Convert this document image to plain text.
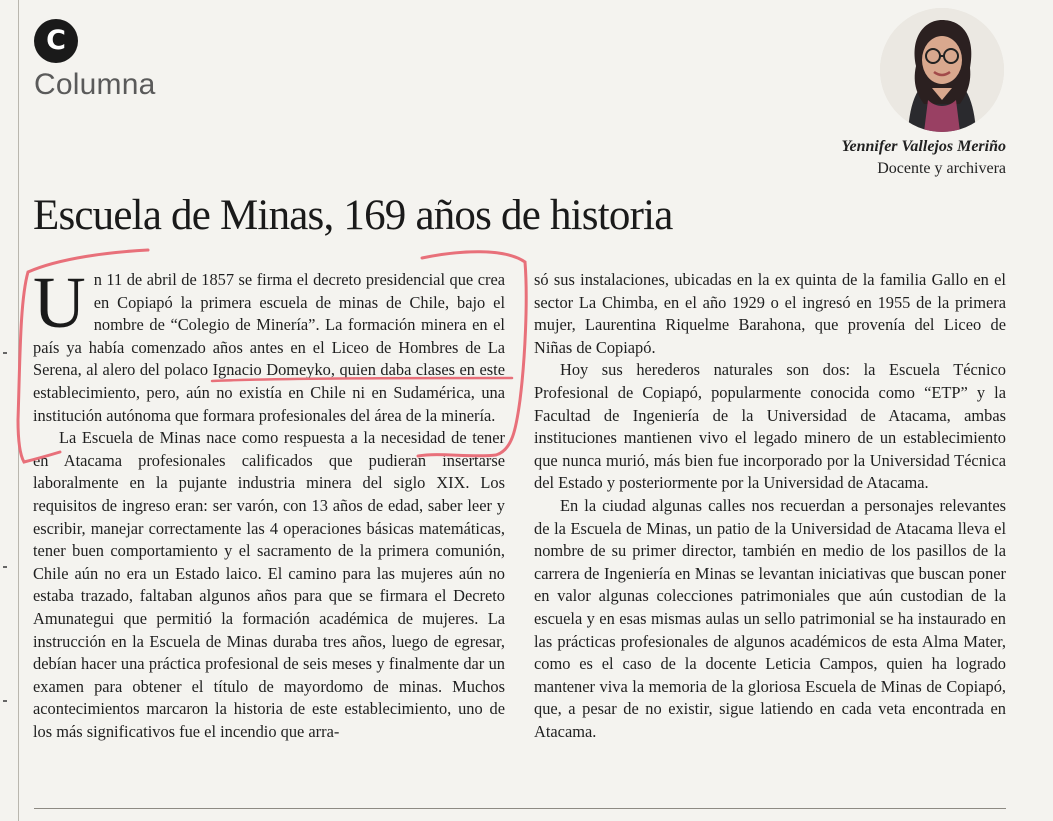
C
Columna
Yennifer Vallejos Meriño
Docente y archivera
Escuela de Minas, 169 años de historia

Un 11 de abril de 1857 se firma el decreto presidencial que crea en Copiapó la primera escuela de minas de Chile, bajo el nombre de “Colegio de Minería”. La formación minera en el país ya había comenzado años antes en el Liceo de Hombres de La Serena, al alero del polaco Ignacio Domeyko, quien daba clases en este establecimiento, pero, aún no existía en Chile ni en Sudamérica, una institución autónoma que formara profesionales del área de la minería.

La Escuela de Minas nace como respuesta a la necesidad de tener en Atacama profesionales calificados que pudieran insertarse laboralmente en la pujante industria minera del siglo XIX. Los requisitos de ingreso eran: ser varón, con 13 años de edad, saber leer y escribir, manejar correctamente las 4 operaciones básicas matemáticas, tener buen comportamiento y el sacramento de la primera comunión, Chile aún no era un Estado laico. El camino para las mujeres aún no estaba trazado, faltaban algunos años para que se firmara el Decreto Amunategui que permitió la formación académica de mujeres. La instrucción en la Escuela de Minas duraba tres años, luego de egresar, debían hacer una práctica profesional de seis meses y finalmente dar un examen para obtener el título de mayordomo de minas. Muchos acontecimientos marcaron la historia de este establecimiento, uno de los más significativos fue el incendio que arra-

só sus instalaciones, ubicadas en la ex quinta de la familia Gallo en el sector La Chimba, en el año 1929 o el ingresó en 1955 de la primera mujer, Laurentina Riquelme Barahona, que provenía del Liceo de Niñas de Copiapó.

Hoy sus herederos naturales son dos: la Escuela Técnico Profesional de Copiapó, popularmente conocida como “ETP” y la Facultad de Ingeniería de la Universidad de Atacama, ambas instituciones mantienen vivo el legado minero de un establecimiento que nunca murió, más bien fue incorporado por la Universidad Técnica del Estado y posteriormente por la Universidad de Atacama.

En la ciudad algunas calles nos recuerdan a personajes relevantes de la Escuela de Minas, un patio de la Universidad de Atacama lleva el nombre de su primer director, también en medio de los pasillos de la carrera de Ingeniería en Minas se levantan iniciativas que buscan poner en valor algunas colecciones patrimoniales que aún custodian de la escuela y en esas mismas aulas un sello patrimonial se ha instaurado en las prácticas profesionales de algunos académicos de esta Alma Mater, como es el caso de la docente Leticia Campos, quien ha logrado mantener viva la memoria de la gloriosa Escuela de Minas de Copiapó, que, a pesar de no existir, sigue latiendo en cada veta encontrada en Atacama.
